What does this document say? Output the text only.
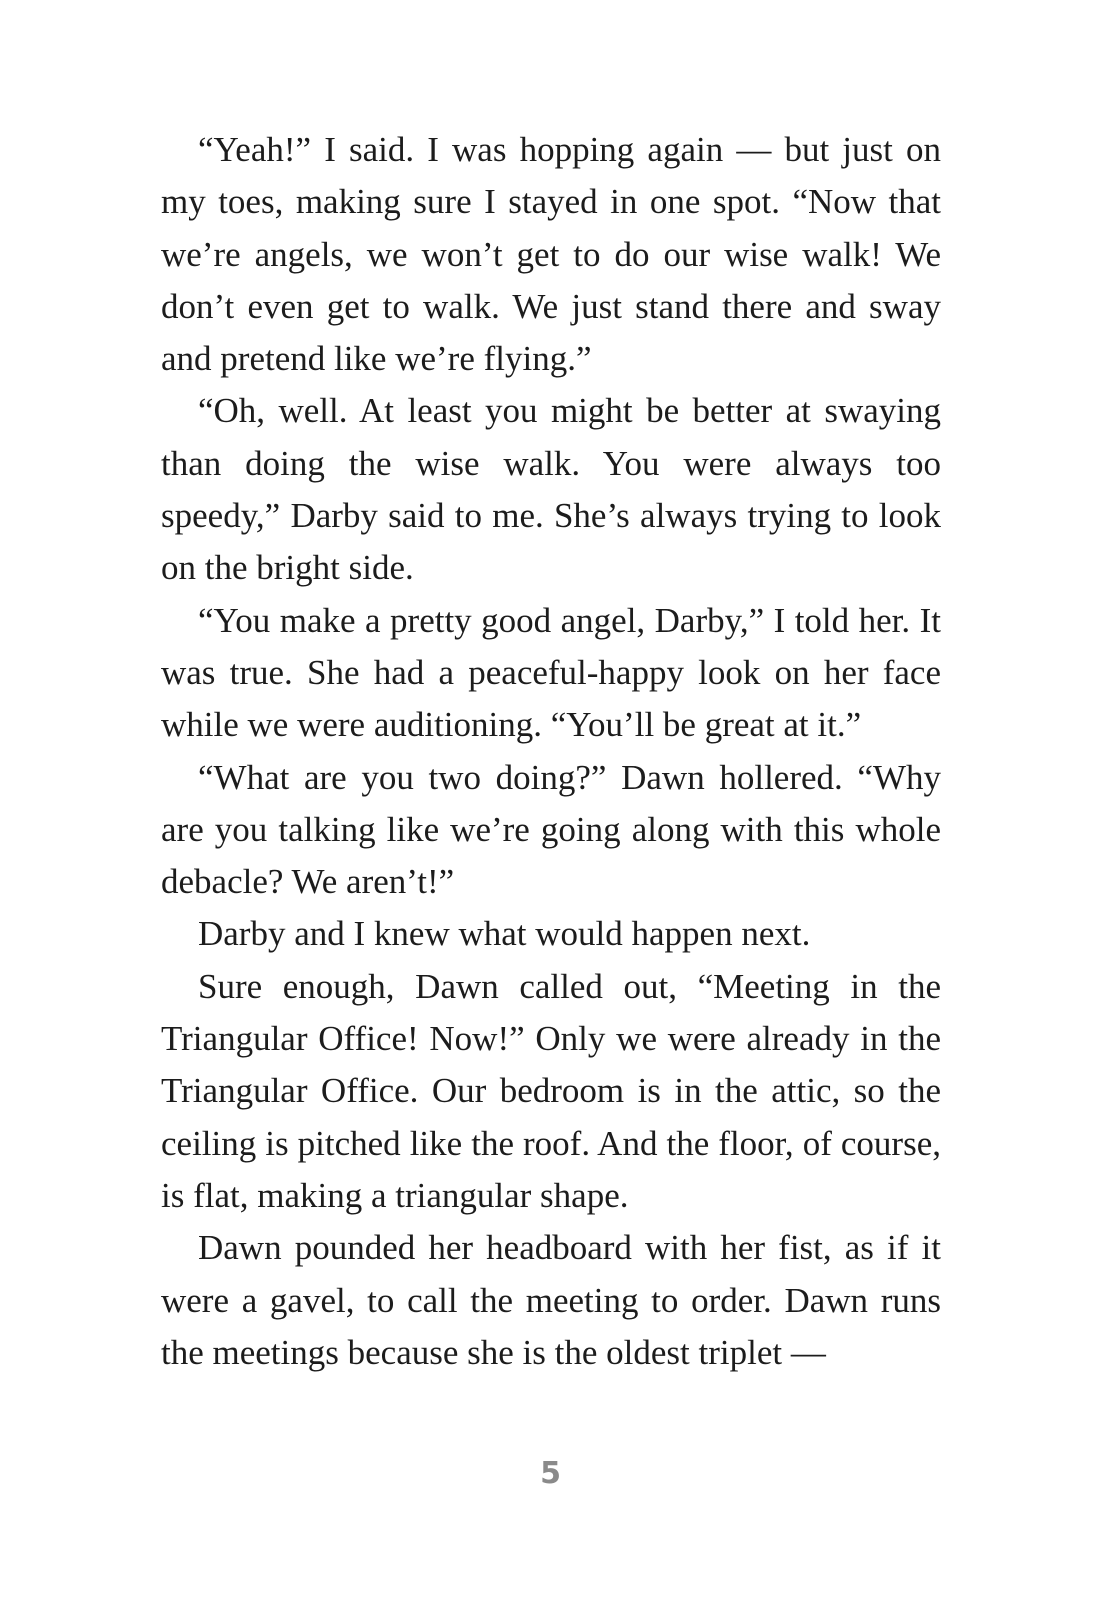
“Yeah!” I said. I was hopping again — but just on my toes, making sure I stayed in one spot. “Now that we’re angels, we won’t get to do our wise walk! We don’t even get to walk. We just stand there and sway and pretend like we’re flying.”

“Oh, well. At least you might be better at swaying than doing the wise walk. You were always too speedy,” Darby said to me. She’s always trying to look on the bright side.

“You make a pretty good angel, Darby,” I told her. It was true. She had a peaceful-happy look on her face while we were auditioning. “You’ll be great at it.”

“What are you two doing?” Dawn hollered. “Why are you talking like we’re going along with this whole debacle? We aren’t!”

Darby and I knew what would happen next.

Sure enough, Dawn called out, “Meeting in the Triangular Office! Now!” Only we were already in the Triangular Office. Our bedroom is in the attic, so the ceiling is pitched like the roof. And the floor, of course, is flat, making a triangular shape.

Dawn pounded her headboard with her fist, as if it were a gavel, to call the meeting to order. Dawn runs the meetings because she is the oldest triplet —

5
